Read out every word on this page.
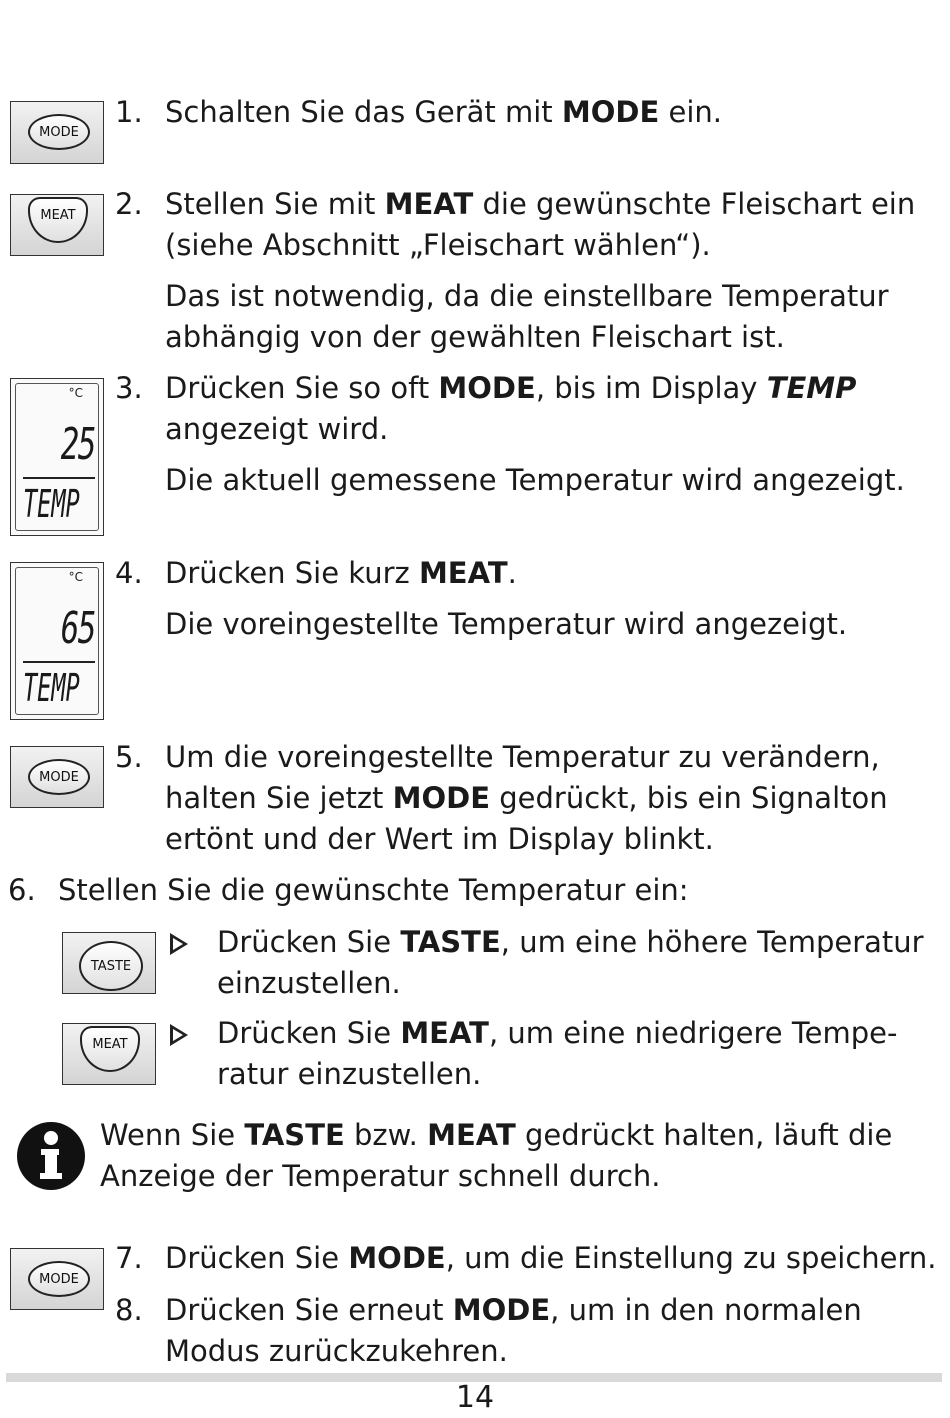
MODE
1. Schalten Sie das Gerät mit MODE ein.
MEAT 2. Stellen Sie mit MEAT die gewünschte Fleischart ein

(siehe Abschnitt „Fleischart wählen“).

Das ist notwendig, da die einstellbare Temperatur

abhängig von der gewählten Fleischart ist.

°C
25
TEMP
3. Drücken Sie so oft MODE, bis im Display TEMP

angezeigt wird.

Die aktuell gemessene Temperatur wird angezeigt.

°C
65
TEMP
4. Drücken Sie kurz MEAT.

Die voreingestellte Temperatur wird angezeigt.

MODE
5. Um die voreingestellte Temperatur zu verändern,

halten Sie jetzt MODE gedrückt, bis ein Signalton

ertönt und der Wert im Display blinkt.

6. Stellen Sie die gewünschte Temperatur ein:
TASTE

Drücken Sie TASTE, um eine höhere Temperatur

einzustellen.

MEAT	Drücken Sie MEAT, um eine niedrigere Tempe-

ratur einzustellen.

Wenn Sie TASTE bzw. MEAT gedrückt halten, läuft die

Anzeige der Temperatur schnell durch.

MODE
7. Drücken Sie MODE, um die Einstellung zu speichern.
8. Drücken Sie erneut MODE, um in den normalen

Modus zurückzukehren.

14
